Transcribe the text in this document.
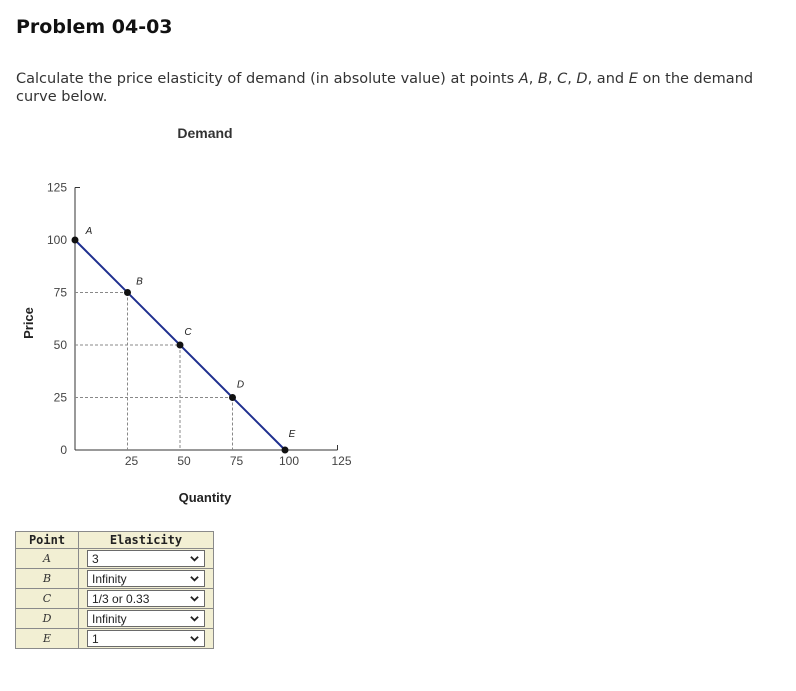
Problem 04-03
Calculate the price elasticity of demand (in absolute value) at points A, B, C, D, and E on the demand curve below.
Demand
0
25
50
75
100
125
25	50	75	100	125
Quantity
Price
A
B
C
D
E
Point	Elasticity
A	3

B	Infinity

C	1/3 or 0.33

D	Infinity

E	1
